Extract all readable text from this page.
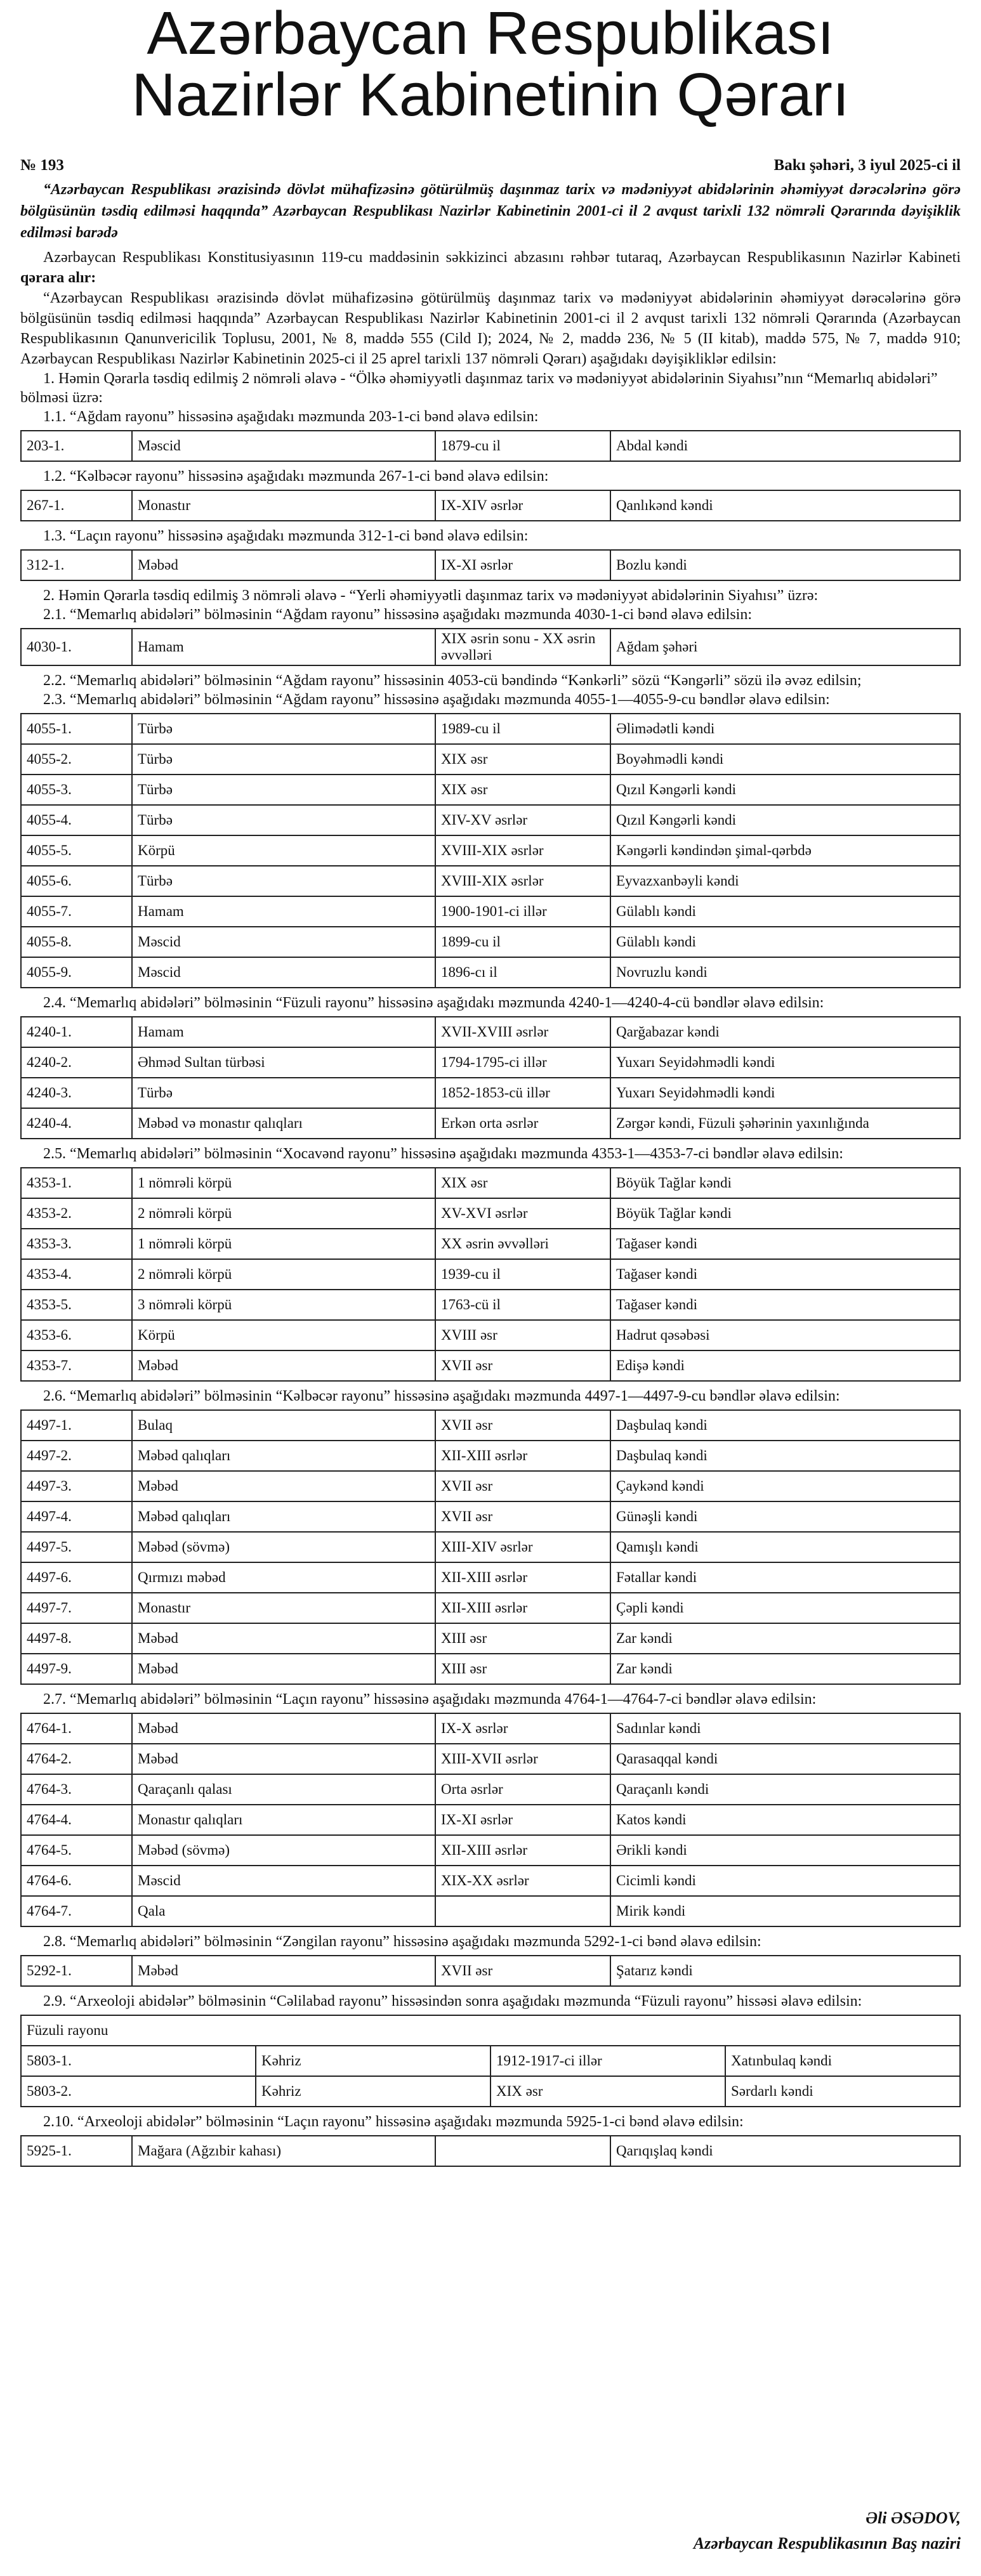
Azərbaycan Respublikası
Nazirlər Kabinetinin Qərarı
№ 193	Bakı şəhəri, 3 iyul 2025-ci il
“Azərbaycan Respublikası ərazisində dövlət mühafizəsinə götürülmüş daşınmaz tarix və mədəniyyət abidələrinin əhəmiyyət dərəcələrinə görə bölgüsünün təsdiq edilməsi haqqında” Azərbaycan Respublikası Nazirlər Kabinetinin 2001-ci il 2 avqust tarixli 132 nömrəli Qərarında dəyişiklik edilməsi barədə
Azərbaycan Respublikası Konstitusiyasının 119-cu maddəsinin səkkizinci abzasını rəhbər tutaraq, Azərbaycan Respublikasının Nazirlər Kabineti qərara alır:
“Azərbaycan Respublikası ərazisində dövlət mühafizəsinə götürülmüş daşınmaz tarix və mədəniyyət abidələrinin əhəmiyyət dərəcələrinə görə bölgüsünün təsdiq edilməsi haqqında” Azərbaycan Respublikası Nazirlər Kabinetinin 2001-ci il 2 avqust tarixli 132 nömrəli Qərarında (Azərbaycan Respublikasının Qanunvericilik Toplusu, 2001, № 8, maddə 555 (Cild I); 2024, № 2, maddə 236, № 5 (II kitab), maddə 575, № 7, maddə 910; Azərbaycan Respublikası Nazirlər Kabinetinin 2025-ci il 25 aprel tarixli 137 nömrəli Qərarı) aşağıdakı dəyişikliklər edilsin:
1. Həmin Qərarla təsdiq edilmiş 2 nömrəli əlavə - “Ölkə əhəmiyyətli daşınmaz tarix və mədəniyyət abidələrinin Siyahısı”nın “Memarlıq abidələri” bölməsi üzrə:
1.1. “Ağdam rayonu” hissəsinə aşağıdakı məzmunda 203-1-ci bənd əlavə edilsin:
203-1.	Məscid	1879-cu il	Abdal kəndi
1.2. “Kəlbəcər rayonu” hissəsinə aşağıdakı məzmunda 267-1-ci bənd əlavə edilsin:
267-1.	Monastır	IX-XIV əsrlər	Qanlıkənd kəndi
1.3. “Laçın rayonu” hissəsinə aşağıdakı məzmunda 312-1-ci bənd əlavə edilsin:
312-1.	Məbəd	IX-XI əsrlər	Bozlu kəndi
2. Həmin Qərarla təsdiq edilmiş 3 nömrəli əlavə - “Yerli əhəmiyyətli daşınmaz tarix və mədəniyyət abidələrinin Siyahısı” üzrə:
2.1. “Memarlıq abidələri” bölməsinin “Ağdam rayonu” hissəsinə aşağıdakı məzmunda 4030-1-ci bənd əlavə edilsin:
4030-1.	Hamam	XIX əsrin sonu - XX əsrin əvvəlləri	Ağdam şəhəri
2.2. “Memarlıq abidələri” bölməsinin “Ağdam rayonu” hissəsinin 4053-cü bəndində “Kənkərli” sözü “Kəngərli” sözü ilə əvəz edilsin;
2.3. “Memarlıq abidələri” bölməsinin “Ağdam rayonu” hissəsinə aşağıdakı məzmunda 4055-1—4055-9-cu bəndlər əlavə edilsin:
4055-1.	Türbə	1989-cu il	Əlimədətli kəndi
4055-2.	Türbə	XIX əsr	Boyəhmədli kəndi
4055-3.	Türbə	XIX əsr	Qızıl Kəngərli kəndi
4055-4.	Türbə	XIV-XV əsrlər	Qızıl Kəngərli kəndi
4055-5.	Körpü	XVIII-XIX əsrlər	Kəngərli kəndindən şimal-qərbdə
4055-6.	Türbə	XVIII-XIX əsrlər	Eyvazxanbəyli kəndi
4055-7.	Hamam	1900-1901-ci illər	Gülablı kəndi
4055-8.	Məscid	1899-cu il	Gülablı kəndi
4055-9.	Məscid	1896-cı il	Novruzlu kəndi
2.4. “Memarlıq abidələri” bölməsinin “Füzuli rayonu” hissəsinə aşağıdakı məzmunda 4240-1—4240-4-cü bəndlər əlavə edilsin:
4240-1.	Hamam	XVII-XVIII əsrlər	Qarğabazar kəndi
4240-2.	Əhməd Sultan türbəsi	1794-1795-ci illər	Yuxarı Seyidəhmədli kəndi
4240-3.	Türbə	1852-1853-cü illər	Yuxarı Seyidəhmədli kəndi
4240-4.	Məbəd və monastır qalıqları	Erkən orta əsrlər	Zərgər kəndi, Füzuli şəhərinin yaxınlığında
2.5. “Memarlıq abidələri” bölməsinin “Xocavənd rayonu” hissəsinə aşağıdakı məzmunda 4353-1—4353-7-ci bəndlər əlavə edilsin:
4353-1.	1 nömrəli körpü	XIX əsr	Böyük Tağlar kəndi
4353-2.	2 nömrəli körpü	XV-XVI əsrlər	Böyük Tağlar kəndi
4353-3.	1 nömrəli körpü	XX əsrin əvvəlləri	Tağaser kəndi
4353-4.	2 nömrəli körpü	1939-cu il	Tağaser kəndi
4353-5.	3 nömrəli körpü	1763-cü il	Tağaser kəndi
4353-6.	Körpü	XVIII əsr	Hadrut qəsəbəsi
4353-7.	Məbəd	XVII əsr	Edişə kəndi
2.6. “Memarlıq abidələri” bölməsinin “Kəlbəcər rayonu” hissəsinə aşağıdakı məzmunda 4497-1—4497-9-cu bəndlər əlavə edilsin:
4497-1.	Bulaq	XVII əsr	Daşbulaq kəndi
4497-2.	Məbəd qalıqları	XII-XIII əsrlər	Daşbulaq kəndi
4497-3.	Məbəd	XVII əsr	Çaykənd kəndi
4497-4.	Məbəd qalıqları	XVII əsr	Günəşli kəndi
4497-5.	Məbəd (sövmə)	XIII-XIV əsrlər	Qamışlı kəndi
4497-6.	Qırmızı məbəd	XII-XIII əsrlər	Fətallar kəndi
4497-7.	Monastır	XII-XIII əsrlər	Çəpli kəndi
4497-8.	Məbəd	XIII əsr	Zar kəndi
4497-9.	Məbəd	XIII əsr	Zar kəndi
2.7. “Memarlıq abidələri” bölməsinin “Laçın rayonu” hissəsinə aşağıdakı məzmunda 4764-1—4764-7-ci bəndlər əlavə edilsin:
4764-1.	Məbəd	IX-X əsrlər	Sadınlar kəndi
4764-2.	Məbəd	XIII-XVII əsrlər	Qarasaqqal kəndi
4764-3.	Qaraçanlı qalası	Orta əsrlər	Qaraçanlı kəndi
4764-4.	Monastır qalıqları	IX-XI əsrlər	Katos kəndi
4764-5.	Məbəd (sövmə)	XII-XIII əsrlər	Ərikli kəndi
4764-6.	Məscid	XIX-XX əsrlər	Cicimli kəndi
4764-7.	Qala		Mirik kəndi
2.8. “Memarlıq abidələri” bölməsinin “Zəngilan rayonu” hissəsinə aşağıdakı məzmunda 5292-1-ci bənd əlavə edilsin:
5292-1.	Məbəd	XVII əsr	Şatarız kəndi
2.9. “Arxeoloji abidələr” bölməsinin “Cəlilabad rayonu” hissəsindən sonra aşağıdakı məzmunda “Füzuli rayonu” hissəsi əlavə edilsin:
Füzuli rayonu			
5803-1.	Kəhriz	1912-1917-ci illər	Xatınbulaq kəndi
5803-2.	Kəhriz	XIX əsr	Sərdarlı kəndi
2.10. “Arxeoloji abidələr” bölməsinin “Laçın rayonu” hissəsinə aşağıdakı məzmunda 5925-1-ci bənd əlavə edilsin:
5925-1.	Mağara (Ağzıbir kahası)		Qarıqışlaq kəndi
Əli ƏSƏDOV,
Azərbaycan Respublikasının Baş naziri
